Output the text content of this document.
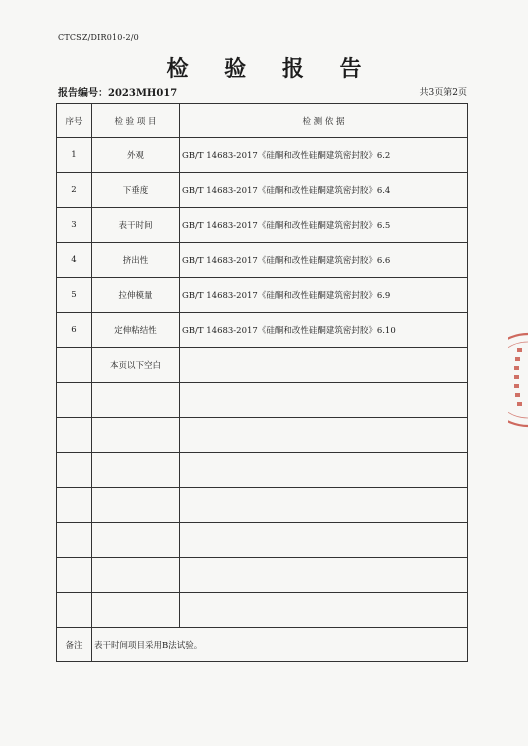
CTCSZ/DIR010-2/0
检 验 报 告
报告编号：2023MH017	共3页第2页
序号	检 验 项 目	检 测 依 据
1	外观	GB/T 14683-2017《硅酮和改性硅酮建筑密封胶》6.2
2	下垂度	GB/T 14683-2017《硅酮和改性硅酮建筑密封胶》6.4
3	表干时间	GB/T 14683-2017《硅酮和改性硅酮建筑密封胶》6.5
4	挤出性	GB/T 14683-2017《硅酮和改性硅酮建筑密封胶》6.6
5	拉伸模量	GB/T 14683-2017《硅酮和改性硅酮建筑密封胶》6.9
6	定伸粘结性	GB/T 14683-2017《硅酮和改性硅酮建筑密封胶》6.10
	本页以下空白	

备注	表干时间项目采用B法试验。	
